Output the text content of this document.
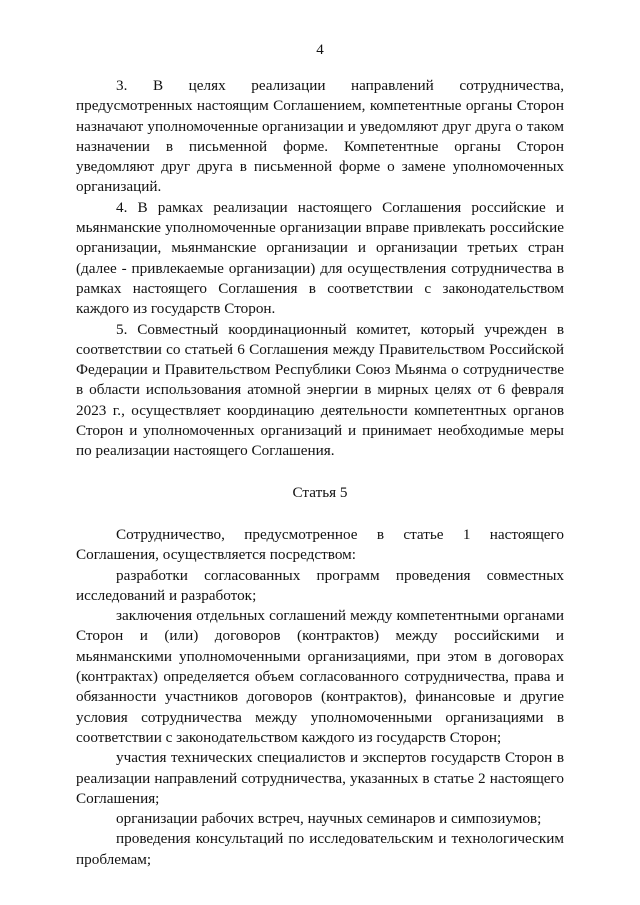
4

3. В целях реализации направлений сотрудничества, предусмотренных настоящим Соглашением, компетентные органы Сторон назначают уполномоченные организации и уведомляют друг друга о таком назначении в письменной форме. Компетентные органы Сторон уведомляют друг друга в письменной форме о замене уполномоченных организаций.

4. В рамках реализации настоящего Соглашения российские и мьянманские уполномоченные организации вправе привлекать российские организации, мьянманские организации и организации третьих стран (далее - привлекаемые организации) для осуществления сотрудничества в рамках настоящего Соглашения в соответствии с законодательством каждого из государств Сторон.

5. Совместный координационный комитет, который учрежден в соответствии со статьей 6 Соглашения между Правительством Российской Федерации и Правительством Республики Союз Мьянма о сотрудничестве в области использования атомной энергии в мирных целях от 6 февраля 2023 г., осуществляет координацию деятельности компетентных органов Сторон и уполномоченных организаций и принимает необходимые меры по реализации настоящего Соглашения.

Статья 5

Сотрудничество, предусмотренное в статье 1 настоящего Соглашения, осуществляется посредством:

разработки согласованных программ проведения совместных исследований и разработок;

заключения отдельных соглашений между компетентными органами Сторон и (или) договоров (контрактов) между российскими и мьянманскими уполномоченными организациями, при этом в договорах (контрактах) определяется объем согласованного сотрудничества, права и обязанности участников договоров (контрактов), финансовые и другие условия сотрудничества между уполномоченными организациями в соответствии с законодательством каждого из государств Сторон;

участия технических специалистов и экспертов государств Сторон в реализации направлений сотрудничества, указанных в статье 2 настоящего Соглашения;

организации рабочих встреч, научных семинаров и симпозиумов;

проведения консультаций по исследовательским и технологическим проблемам;
